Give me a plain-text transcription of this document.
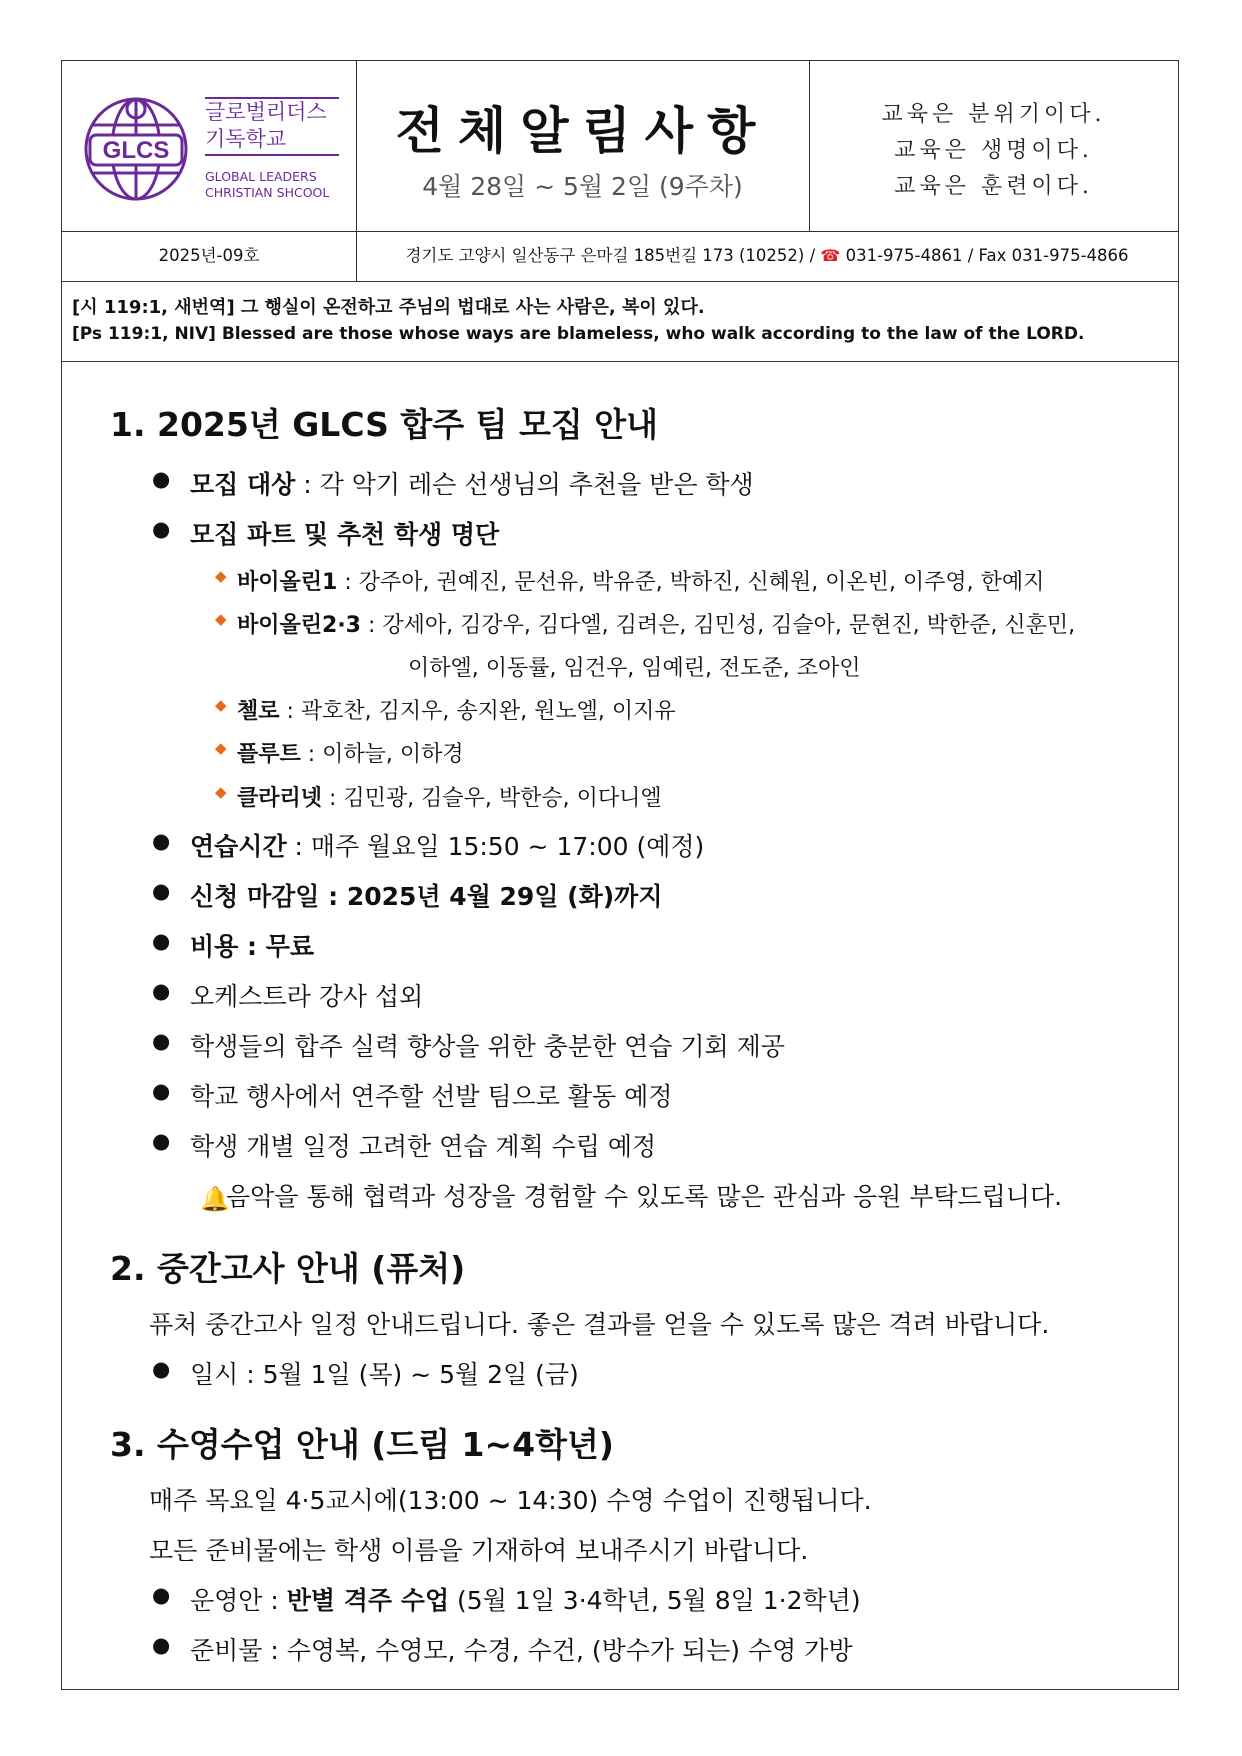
GLCS
글로벌리더스
기독학교
GLOBAL LEADERS
CHRISTIAN SHCOOL
전체알림사항
4월 28일 ~ 5월 2일 (9주차)
교육은 분위기이다.
교육은 생명이다.
교육은 훈련이다.
2025년-09호	경기도 고양시 일산동구 은마길 185번길 173 (10252) / ☎ 031-975-4861 / Fax 031-975-4866
[시 119:1, 새번역] 그 행실이 온전하고 주님의 법대로 사는 사람은, 복이 있다.
[Ps 119:1, NIV] Blessed are those whose ways are blameless, who walk according to the law of the LORD.
1. 2025년 GLCS 합주 팀 모집 안내
● 모집 대상 : 각 악기 레슨 선생님의 추천을 받은 학생
● 모집 파트 및 추천 학생 명단
◆ 바이올린1 : 강주아, 권예진, 문선유, 박유준, 박하진, 신혜원, 이온빈, 이주영, 한예지
◆ 바이올린2·3 : 강세아, 김강우, 김다엘, 김려은, 김민성, 김슬아, 문현진, 박한준, 신훈민,
이하엘, 이동률, 임건우, 임예린, 전도준, 조아인
◆ 첼로 : 곽호찬, 김지우, 송지완, 원노엘, 이지유
◆ 플루트 : 이하늘, 이하경
◆ 클라리넷 : 김민광, 김슬우, 박한승, 이다니엘
● 연습시간 : 매주 월요일 15:50 ~ 17:00 (예정)
● 신청 마감일 : 2025년 4월 29일 (화)까지
● 비용 : 무료
● 오케스트라 강사 섭외
● 학생들의 합주 실력 향상을 위한 충분한 연습 기회 제공
● 학교 행사에서 연주할 선발 팀으로 활동 예정
● 학생 개별 일정 고려한 연습 계획 수립 예정
🔔음악을 통해 협력과 성장을 경험할 수 있도록 많은 관심과 응원 부탁드립니다.
2. 중간고사 안내 (퓨처)
퓨처 중간고사 일정 안내드립니다. 좋은 결과를 얻을 수 있도록 많은 격려 바랍니다.
● 일시 : 5월 1일 (목) ~ 5월 2일 (금)
3. 수영수업 안내 (드림 1~4학년)
매주 목요일 4·5교시에(13:00 ~ 14:30) 수영 수업이 진행됩니다.
모든 준비물에는 학생 이름을 기재하여 보내주시기 바랍니다.
● 운영안 : 반별 격주 수업 (5월 1일 3·4학년, 5월 8일 1·2학년)
● 준비물 : 수영복, 수영모, 수경, 수건, (방수가 되는) 수영 가방
